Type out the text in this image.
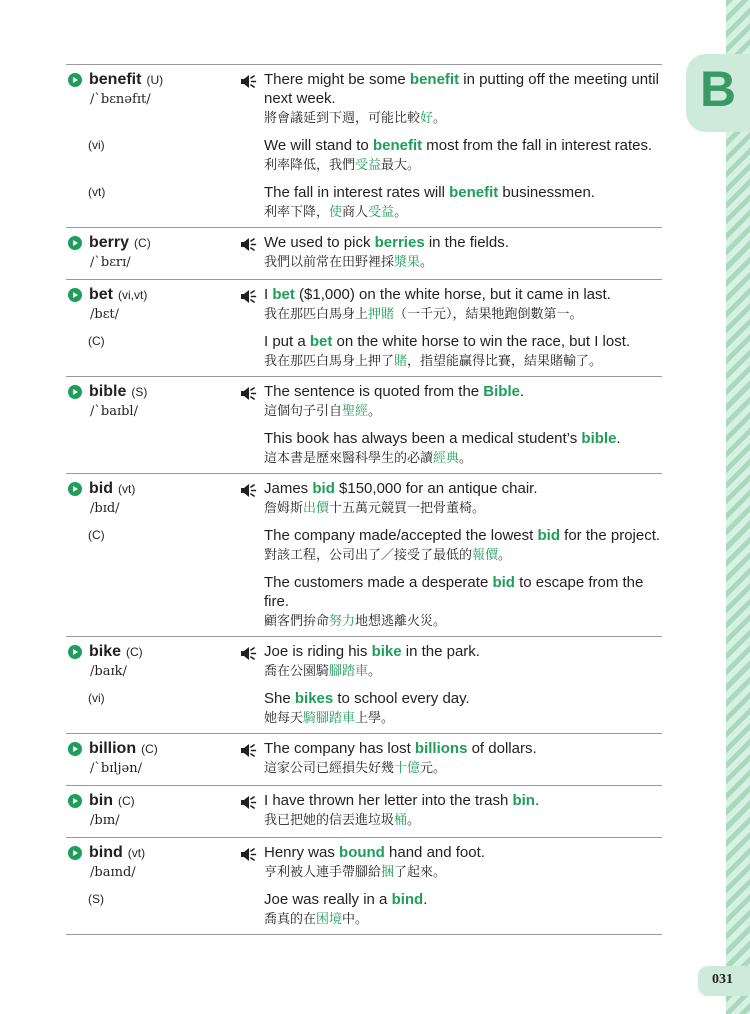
B
031
benefit (U)
/ˋbɛnəfɪt/
(vi)
(vt)
There might be some benefit in putting off the meeting until next week.
將會議延到下週，可能比較好。
We will stand to benefit most from the fall in interest rates.
利率降低，我們受益最大。
The fall in interest rates will benefit businessmen.
利率下降，使商人受益。
berry (C)
/ˋbɛrɪ/
We used to pick berries in the fields.
我們以前常在田野裡採漿果。
bet (vi,vt)
/bɛt/
(C)
I bet ($1,000) on the white horse, but it came in last.
我在那匹白馬身上押賭（一千元），結果牠跑倒數第一。
I put a bet on the white horse to win the race, but I lost.
我在那匹白馬身上押了賭，指望能贏得比賽，結果賭輸了。
bible (S)
/ˋbaɪbl/
The sentence is quoted from the Bible.
這個句子引自聖經。
This book has always been a medical student’s bible.
這本書是歷來醫科學生的必讀經典。
bid (vt)
/bɪd/
(C)
James bid $150,000 for an antique chair.
詹姆斯出價十五萬元競買一把骨董椅。
The company made/accepted the lowest bid for the project.
對該工程，公司出了／接受了最低的報價。
The customers made a desperate bid to escape from the fire.
顧客們拚命努力地想逃離火災。
bike (C)
/baɪk/
(vi)
Joe is riding his bike in the park.
喬在公園騎腳踏車。
She bikes to school every day.
她每天騎腳踏車上學。
billion (C)
/ˋbɪljən/
The company has lost billions of dollars.
這家公司已經損失好幾十億元。
bin (C)
/bɪn/
I have thrown her letter into the trash bin.
我已把她的信丟進垃圾桶。
bind (vt)
/baɪnd/
(S)
Henry was bound hand and foot.
亨利被人連手帶腳給捆了起來。
Joe was really in a bind.
喬真的在困境中。
